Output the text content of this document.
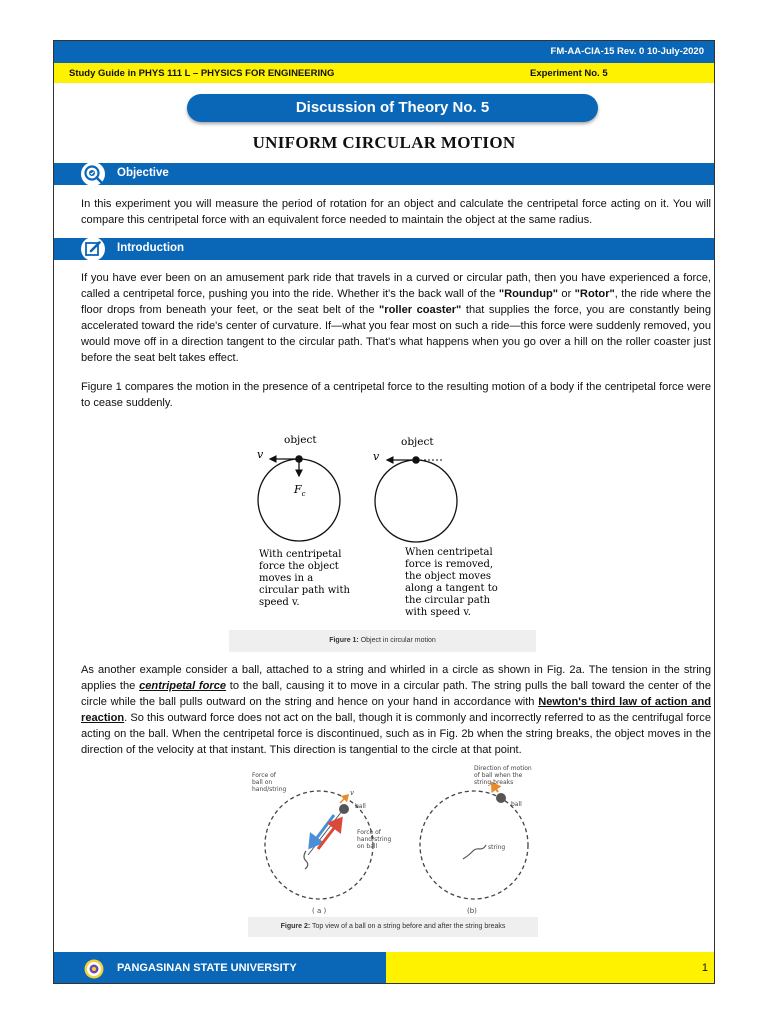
FM-AA-CIA-15 Rev. 0 10-July-2020
Study Guide in PHYS 111 L – PHYSICS FOR ENGINEERING	Experiment No. 5
Discussion of Theory No. 5
UNIFORM CIRCULAR MOTION
Objective

In this experiment you will measure the period of rotation for an object and calculate the centripetal force acting on it. You will compare this centripetal force with an equivalent force needed to maintain the object at the same radius.

Introduction

If you have ever been on an amusement park ride that travels in a curved or circular path, then you have experienced a force, called a centripetal force, pushing you into the ride. Whether it's the back wall of the "Roundup" or "Rotor", the ride where the floor drops from beneath your feet, or the seat belt of the "roller coaster" that supplies the force, you are constantly being accelerated toward the ride's center of curvature. If—what you fear most on such a ride—this force were suddenly removed, you would move off in a direction tangent to the circular path. That's what happens when you go over a hill on the roller coaster just before the seat belt takes effect.

Figure 1 compares the motion in the presence of a centripetal force to the resulting motion of a body if the centripetal force were to cease suddenly.

object
v
$F_c$
object
v
With centripetal force the object moves in a circular path with speed v.
When centripetal force is removed, the object moves along a tangent to the circular path with speed v.
Figure 1: Object in circular motion

As another example consider a ball, attached to a string and whirled in a circle as shown in Fig. 2a. The tension in the string applies the centripetal force to the ball, causing it to move in a circular path. The string pulls the ball toward the center of the circle while the ball pulls outward on the string and hence on your hand in accordance with Newton's third law of action and reaction. So this outward force does not act on the ball, though it is commonly and incorrectly referred to as the centrifugal force acting on the ball. When the centripetal force is discontinued, such as in Fig. 2b when the string breaks, the object moves in the direction of the velocity at that instant. This direction is tangential to the circle at that point.

Force of ball on hand/string
Force of hand/string on ball
ball
v
( a )
Direction of motion of ball when the string breaks
ball
string
(b)
Figure 2: Top view of a ball on a string before and after the string breaks
PANGASINAN STATE UNIVERSITY	1
